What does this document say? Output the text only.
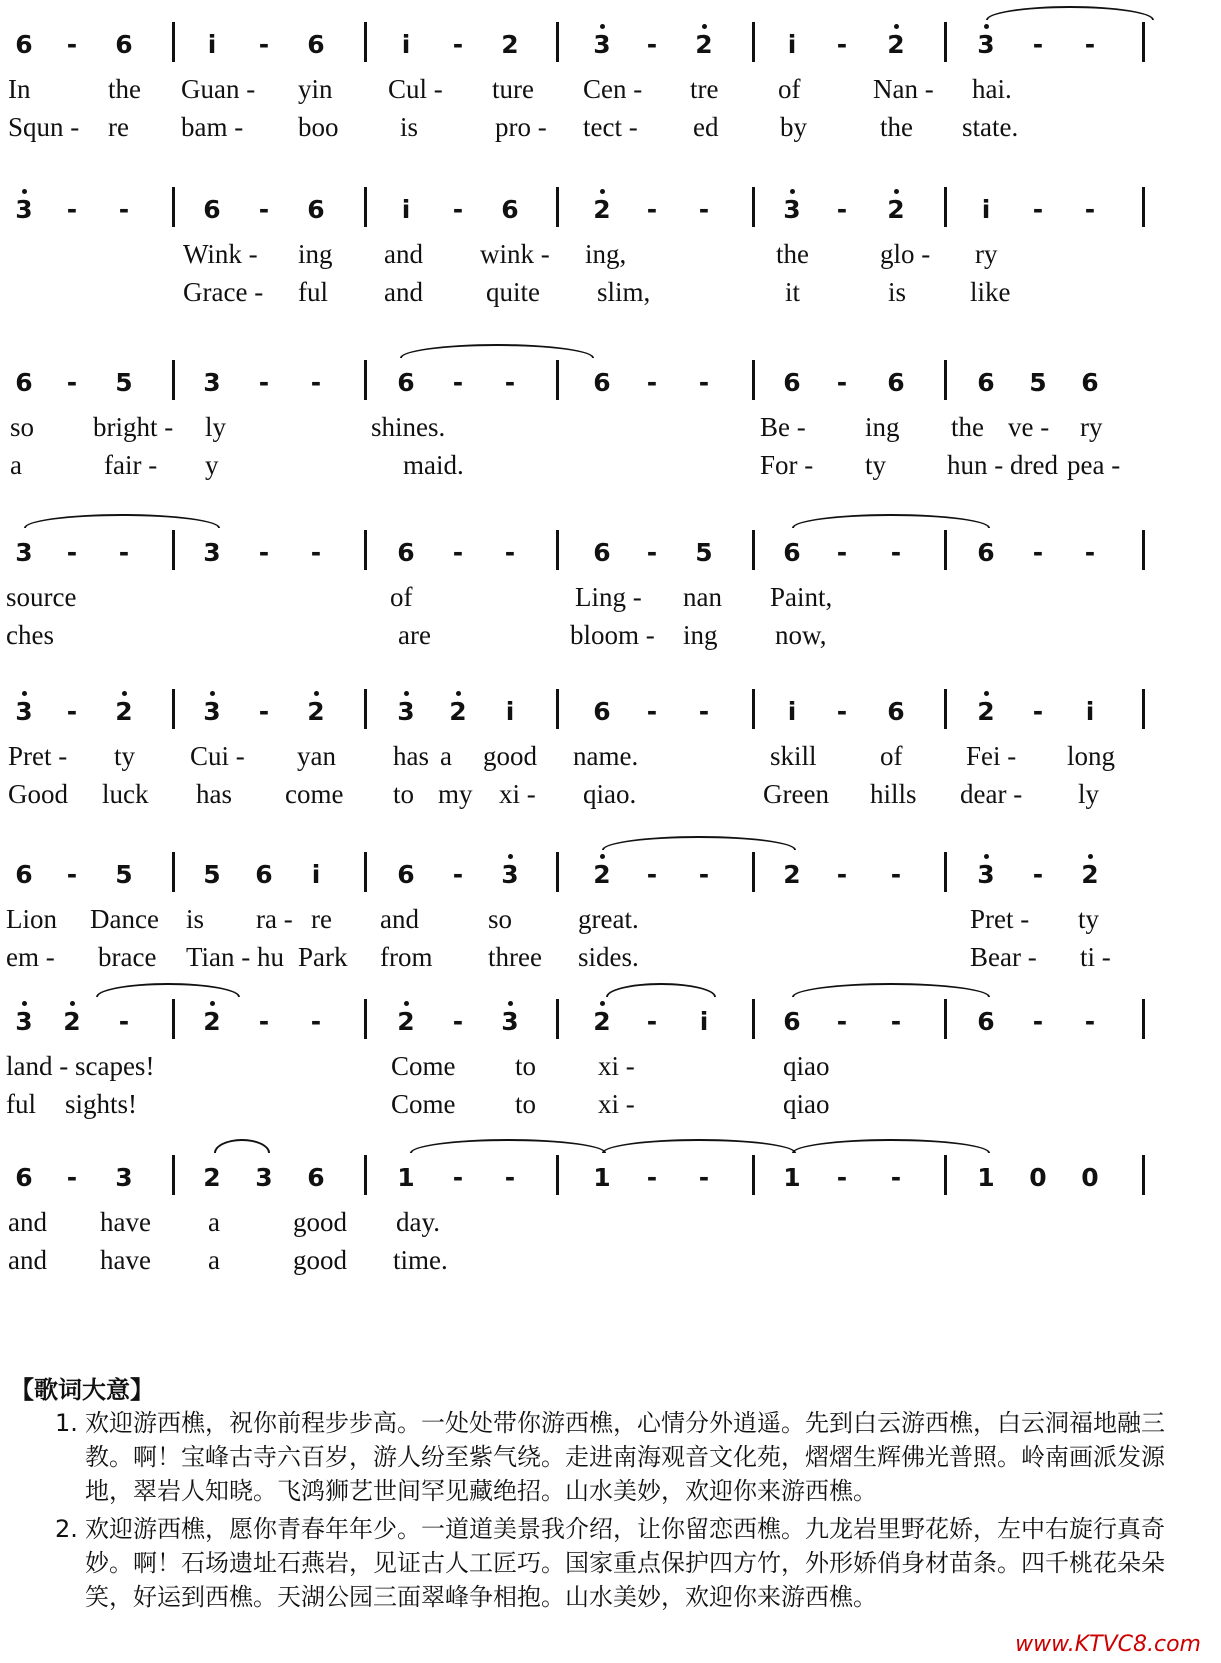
6 - 6	i - 6	i - 2	3 - 2	i - 2	3 - -
In	the Guan - yin Cul - ture Cen - tre of	Nan - hai.
Squn - re bam - boo is	pro - tect - ed by	the state.
3 - -	6 - 6	i - 6	2 - -	3 - 2	i - -
Wink - ing and wink - ing,	the	glo - ry
Grace - ful and quite slim,	it	is like
6 - 5	3 - -	6 - -	6 - -	6 - 6	6 5 6
so bright - ly	shines.	Be - ing the ve - ry
a	fair - y	maid.	For - ty hun - dred pea -
3 - -	3 - -	6 - -	6 - 5	6 - -	6 - -
source	of	Ling - nan Paint,
ches	are	bloom - ing now,
3 - 2	3 - 2	3 2 i	6 - -	i - 6	2 - i
Pret - ty Cui - yan has a good name.	skill of Fei - long
Good luck has come to my xi - qiao.	Green hills dear - ly
6 - 5	5 6 i	6 - 3	2 - -	2 - -	3 - 2
Lion Dance is ra - re and	so great.	Pret - ty
em - brace Tian - hu Park from three sides.	Bear - ti -
3 2 -	2 - -	2 - 3	2 - i	6 - -	6 - -
land - scapes!	Come to xi -	qiao
ful sights!	Come to xi -	qiao
6 - 3	2 3 6	1 - -	1 - -	1 - -	1 0 0
and have a	good day.
and have a	good time.
【歌词大意】
1. 欢迎游西樵，祝你前程步步高。一处处带你游西樵，心情分外逍遥。先到白云游西樵，白云洞福地融三教。啊！宝峰古寺六百岁，游人纷至紫气绕。走进南海观音文化苑，熠熠生辉佛光普照。岭南画派发源地，翠岩人知晓。飞鸿狮艺世间罕见藏绝招。山水美妙，欢迎你来游西樵。
2. 欢迎游西樵，愿你青春年年少。一道道美景我介绍，让你留恋西樵。九龙岩里野花娇，左中右旋行真奇妙。啊！石场遗址石燕岩，见证古人工匠巧。国家重点保护四方竹，外形娇俏身材苗条。四千桃花朵朵笑，好运到西樵。天湖公园三面翠峰争相抱。山水美妙，欢迎你来游西樵。
www.KTVC8.com
